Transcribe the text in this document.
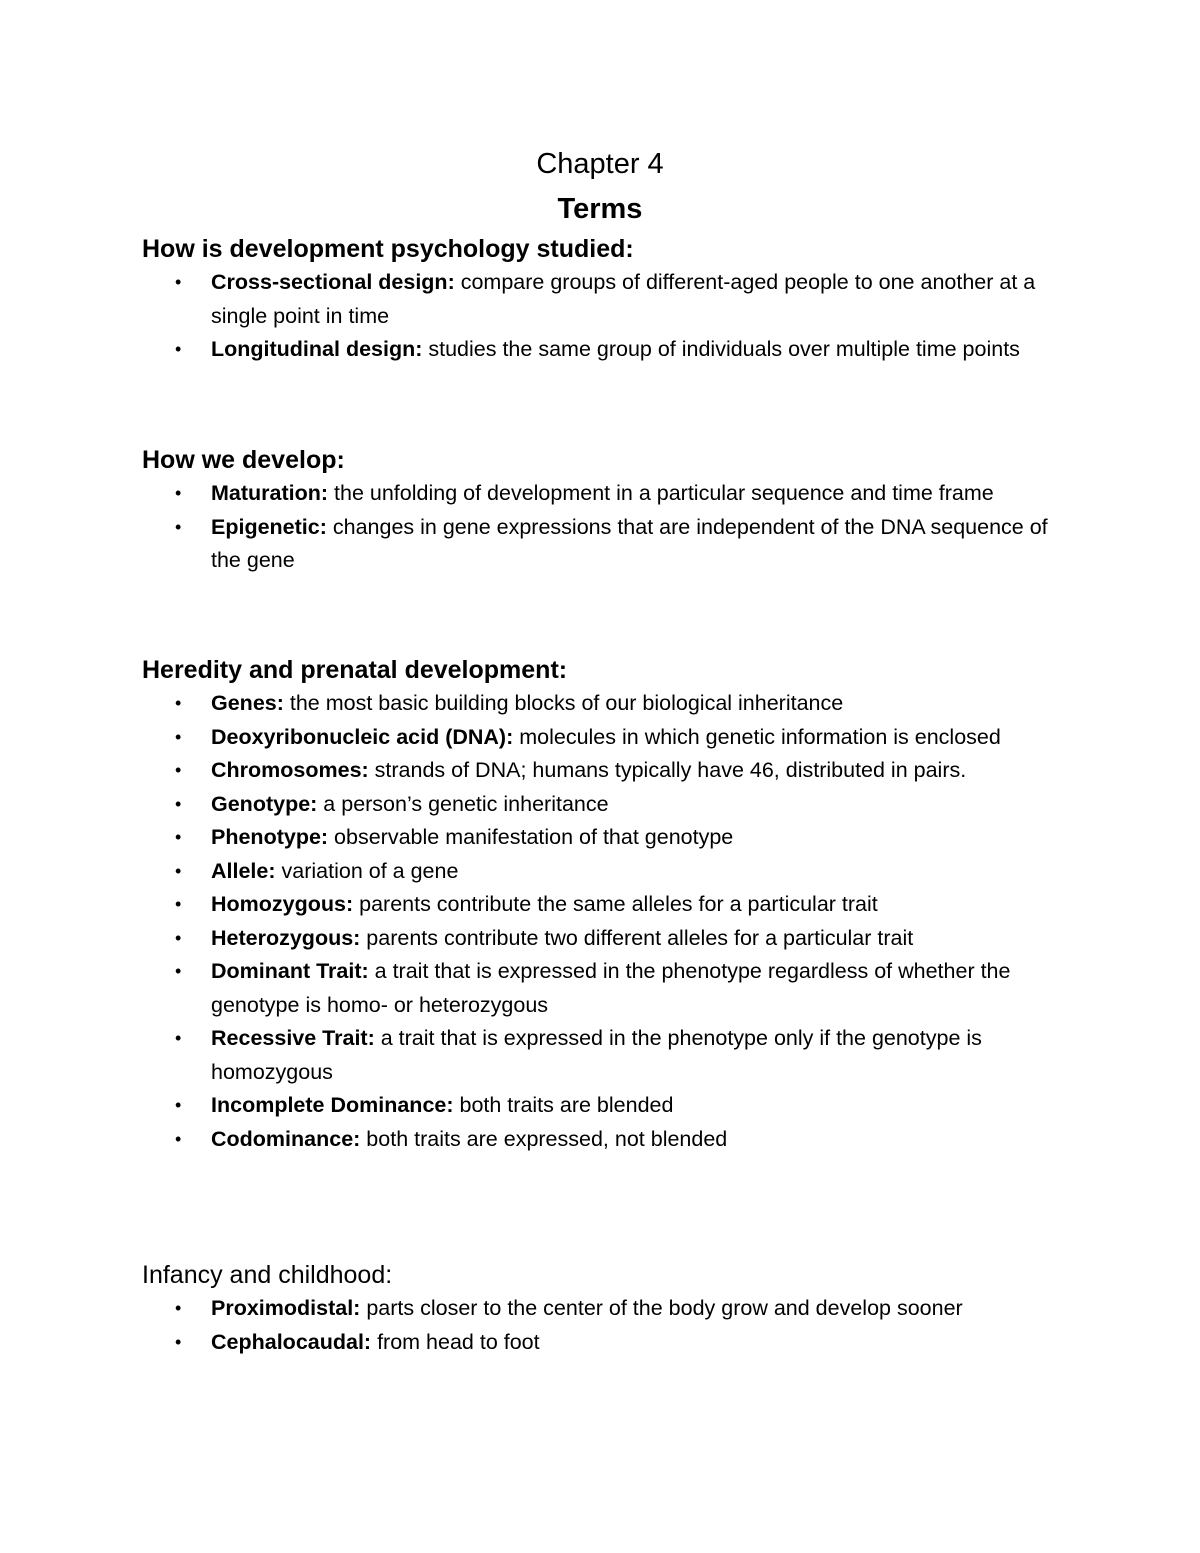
Chapter 4
Terms
How is development psychology studied:
• Cross-sectional design: compare groups of different-aged people to one another at a single point in time
• Longitudinal design: studies the same group of individuals over multiple time points
How we develop:
• Maturation: the unfolding of development in a particular sequence and time frame
• Epigenetic: changes in gene expressions that are independent of the DNA sequence of the gene
Heredity and prenatal development:
• Genes: the most basic building blocks of our biological inheritance
• Deoxyribonucleic acid (DNA): molecules in which genetic information is enclosed
• Chromosomes: strands of DNA; humans typically have 46, distributed in pairs.
• Genotype: a person’s genetic inheritance
• Phenotype: observable manifestation of that genotype
• Allele: variation of a gene
• Homozygous: parents contribute the same alleles for a particular trait
• Heterozygous: parents contribute two different alleles for a particular trait
• Dominant Trait: a trait that is expressed in the phenotype regardless of whether the genotype is homo- or heterozygous
• Recessive Trait: a trait that is expressed in the phenotype only if the genotype is homozygous
• Incomplete Dominance: both traits are blended
• Codominance: both traits are expressed, not blended
Infancy and childhood:
• Proximodistal: parts closer to the center of the body grow and develop sooner
• Cephalocaudal: from head to foot
